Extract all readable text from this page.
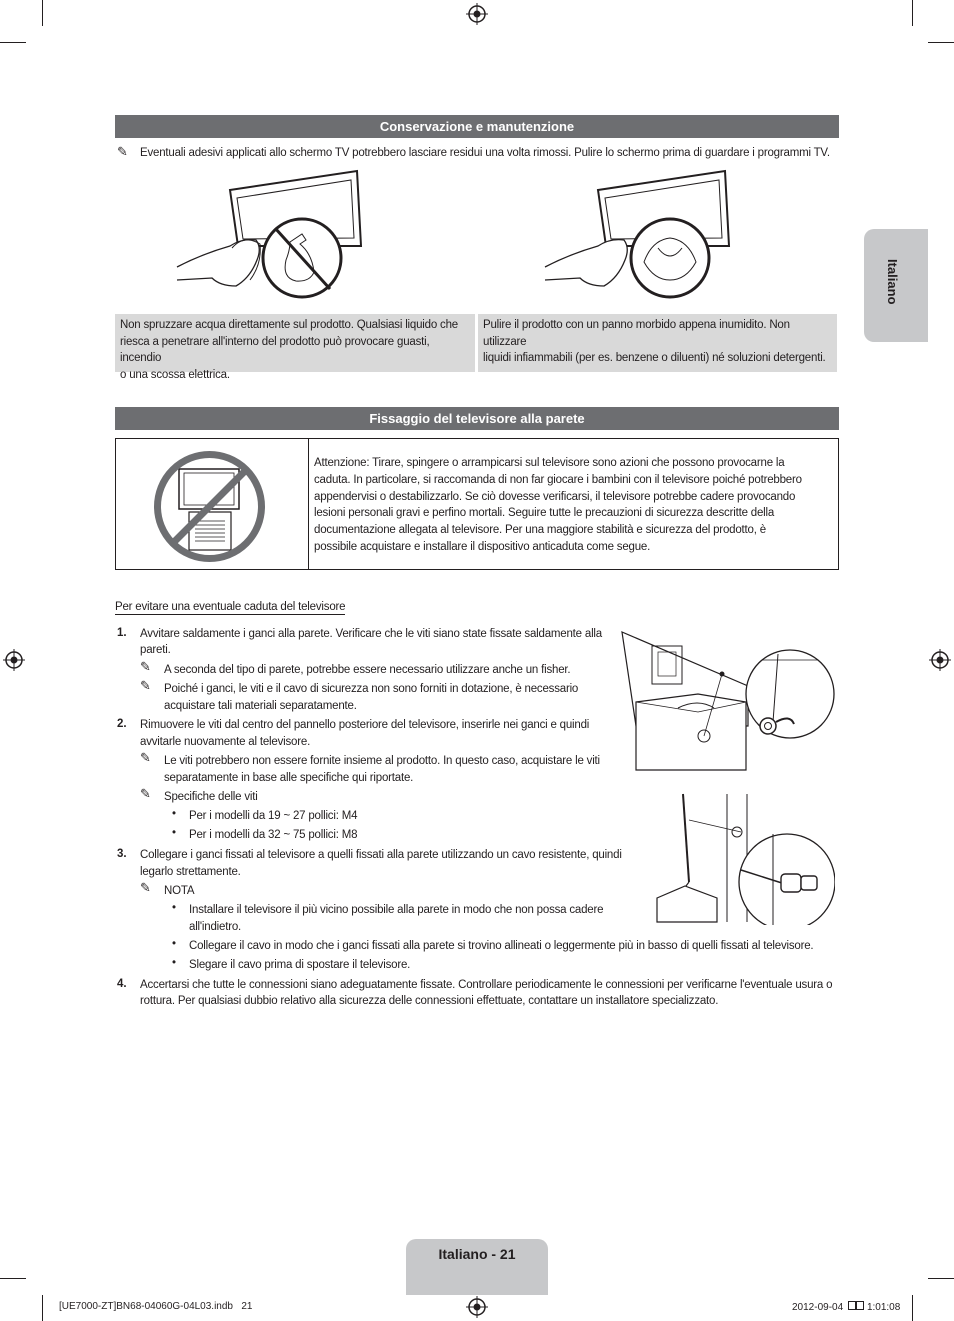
Italiano
Conservazione e manutenzione
✎ Eventuali adesivi applicati allo schermo TV potrebbero lasciare residui una volta rimossi. Pulire lo schermo prima di guardare i programmi TV.
Non spruzzare acqua direttamente sul prodotto. Qualsiasi liquido che
riesca a penetrare all'interno del prodotto può provocare guasti, incendio
o una scossa elettrica.
Pulire il prodotto con un panno morbido appena inumidito. Non utilizzare
liquidi infiammabili (per es. benzene o diluenti) né soluzioni detergenti.
Fissaggio del televisore alla parete
Attenzione: Tirare, spingere o arrampicarsi sul televisore sono azioni che possono provocarne la
caduta. In particolare, si raccomanda di non far giocare i bambini con il televisore poiché potrebbero
appendervisi o destabilizzarlo. Se ciò dovesse verificarsi, il televisore potrebbe cadere provocando
lesioni personali gravi e perfino mortali. Seguire tutte le precauzioni di sicurezza descritte della
documentazione allegata al televisore. Per una maggiore stabilità e sicurezza del prodotto, è
possibile acquistare e installare il dispositivo anticaduta come segue.
Per evitare una eventuale caduta del televisore
1. Avvitare saldamente i ganci alla parete. Verificare che le viti siano state fissate saldamente alla
pareti.
✎ A seconda del tipo di parete, potrebbe essere necessario utilizzare anche un fisher.
✎ Poiché i ganci, le viti e il cavo di sicurezza non sono forniti in dotazione, è necessario
acquistare tali materiali separatamente.
2. Rimuovere le viti dal centro del pannello posteriore del televisore, inserirle nei ganci e quindi
avvitarle nuovamente al televisore.
✎ Le viti potrebbero non essere fornite insieme al prodotto. In questo caso, acquistare le viti
separatamente in base alle specifiche qui riportate.
✎ Specifiche delle viti
• Per i modelli da 19 ~ 27 pollici: M4
• Per i modelli da 32 ~ 75 pollici: M8
3. Collegare i ganci fissati al televisore a quelli fissati alla parete utilizzando un cavo resistente, quindi
legarlo strettamente.
✎ NOTA
• Installare il televisore il più vicino possibile alla parete in modo che non possa cadere
all'indietro.
• Collegare il cavo in modo che i ganci fissati alla parete si trovino allineati o leggermente più in basso di quelli fissati al televisore.
• Slegare il cavo prima di spostare il televisore.
4. Accertarsi che tutte le connessioni siano adeguatamente fissate. Controllare periodicamente le connessioni per verificarne l'eventuale usura o
rottura. Per qualsiasi dubbio relativo alla sicurezza delle connessioni effettuate, contattare un installatore specializzato.
Italiano - 21
[UE7000-ZT]BN68-04060G-04L03.indb   21	2012-09-04 1:01:08
